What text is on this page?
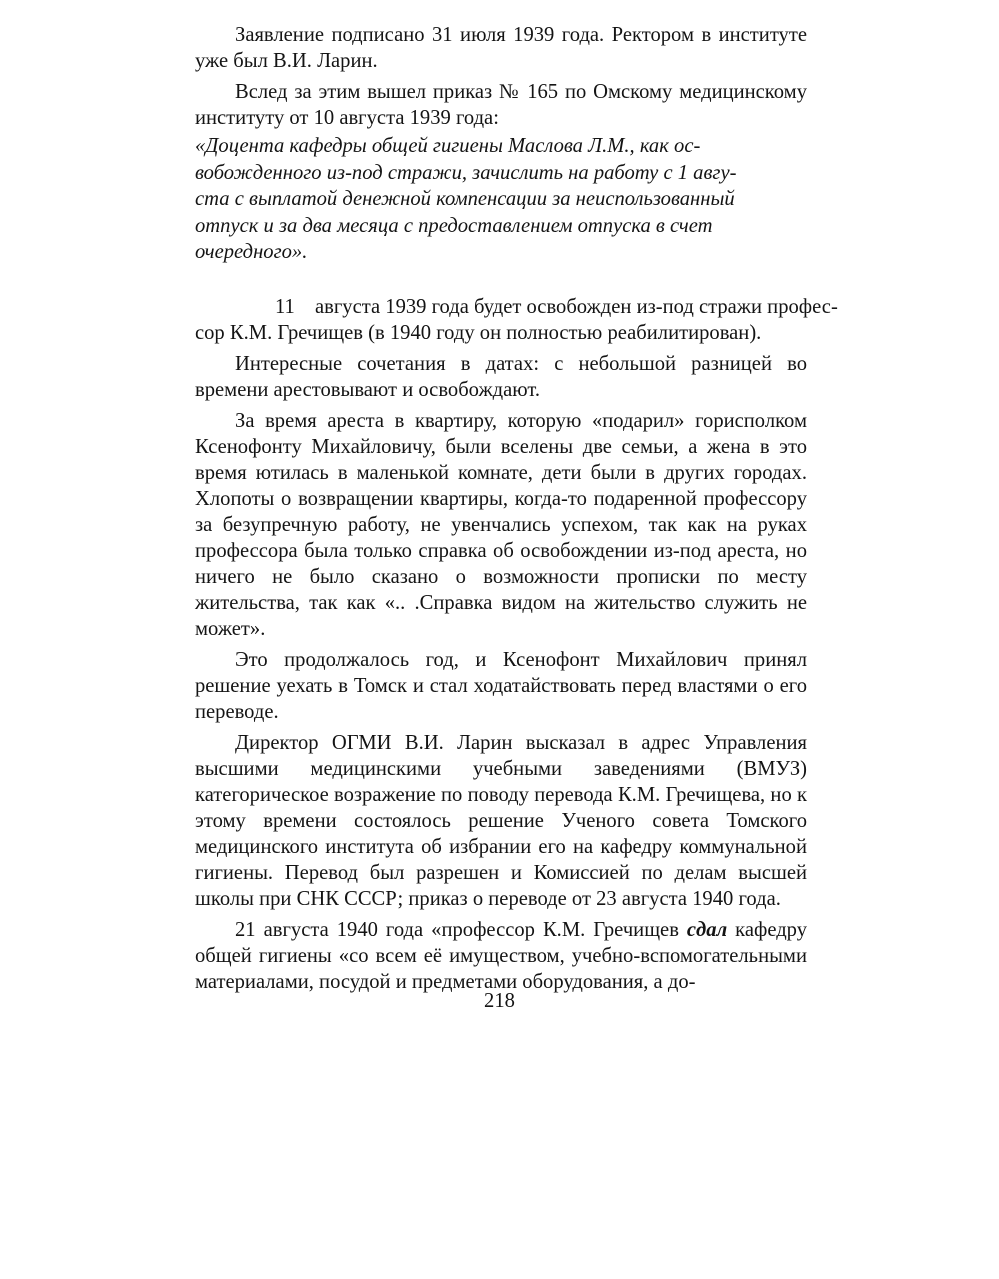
Заявление подписано 31 июля 1939 года. Ректором в институте уже был В.И. Ларин.

Вслед за этим вышел приказ № 165 по Омскому медицинскому институту от 10 августа 1939 года:

«Доцента кафедры общей гигиены Маслова Л.М., как ос-
вобожденного из-под стражи, зачислить на работу с 1 авгу-
ста с выплатой денежной компенсации за неиспользованный
отпуск и за два месяца с предоставлением отпуска в счет
очередного».

11 августа 1939 года будет освобожден из-под стражи профес-
сор К.М. Гречищев (в 1940 году он полностью реабилитирован).

Интересные сочетания в датах: с небольшой разницей во времени арестовывают и освобождают.

За время ареста в квартиру, которую «подарил» горисполком Ксенофонту Михайловичу, были вселены две семьи, а жена в это время ютилась в маленькой комнате, дети были в других городах. Хлопоты о возвращении квартиры, когда-то подаренной профессору за безупречную работу, не увенчались успехом, так как на руках профессора была только справка об освобождении из-под ареста, но ничего не было сказано о возможности прописки по месту жительства, так как «.. .Справка видом на жительство служить не может».

Это продолжалось год, и Ксенофонт Михайлович принял решение уехать в Томск и стал ходатайствовать перед властями о его переводе.

Директор ОГМИ В.И. Ларин высказал в адрес Управления высшими медицинскими учебными заведениями (ВМУЗ) категорическое возражение по поводу перевода К.М. Гречищева, но к этому времени состоялось решение Ученого совета Томского медицинского института об избрании его на кафедру коммунальной гигиены. Перевод был разрешен и Комиссией по делам высшей школы при СНК СССР; приказ о переводе от 23 августа 1940 года.

21 августа 1940 года «профессор К.М. Гречищев сдал кафедру общей гигиены «со всем её имуществом, учебно-вспомогательными материалами, посудой и предметами оборудования, а до-

218
